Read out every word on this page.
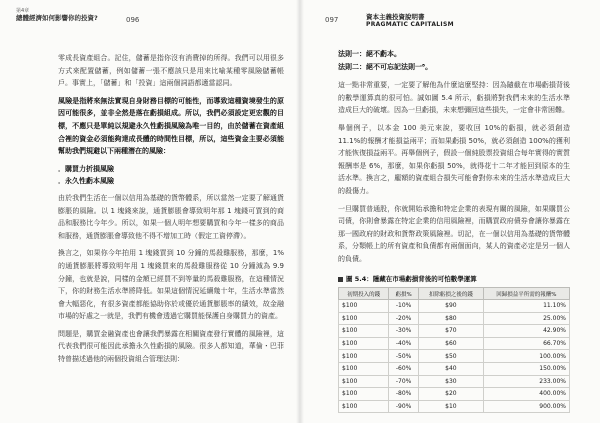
第4章
總體經濟如何影響你的投資?	096

零成長資產組合。記住，儲蓄是指你沒有消費掉的所得。我們可以用很多方式來配置儲蓄，例如儲蓄一張不應該只是用來比喻某種零風險儲蓄帳戶。事實上，「儲蓄」和「投資」這兩個詞語都適當認同。

風險是指將來無法實現自身財務目標的可能性，而導致這種資境發生的原因可能很多，並非全然是落在虧損組成。所以，我們必須設定更宏觀的目標，不應只是單純以規避永久性虧損風險為唯一目的，由於儲蓄在資產組合裡的資金必須能夠達成長體的時間性目標，所以，這些資金主要必須能幫助我們規避以下兩種潛在的風險：

．購買力折損風險
．永久性虧本風險

由於我們生活在一個以信用為基礎的貨幣體系，所以當然一定要了解通貨膨脹的風險。以 1 塊錢來說，通貨膨脹會導致明年那 1 塊錢可買到的商品和服務比今年少。所以，如果一個人明年想要購買和今年一樣多的商品和服務，通貨膨脹會導致他不得不增加工時（假定工資停滯）。

換言之，如果你今年拍用 1 塊錢買到 10 分鐘的馬殺雞服務，那麼，1%的通貨膨脹將導致明年用 1 塊錢買來的馬殺雞服務從 10 分鐘減為 9.9 分鐘，也就是說，同樣的金額已經買不到等量的馬殺雞服務，在這種情況下，你的財務生活水準將降低。如果這個情況延續幾十年，生活水準當然會大幅惡化，有很多資產都能協助你於或優於通貨膨脹率的績效，故金融市場的好處之一就是，我們有機會透過它購買能保護自身購買力的資產。

問題是，購買金融資產也會讓我們暴露在相關資產發行實體的風險裡，這代表我們很可能因此承擔永久性虧損的風險。很多人都知道，華倫・巴菲特曾描述過他的兩個投資組合管理法則：

097	資本主義投資說明書
PRAGMATIC CAPITALISM

法則一：絕不虧本。

法則二：絕不可忘記法則一⁸。

這一點非常重要，一定要了解他為什麼這麼堅持：因為隨截在市場虧損背後的數學運算真的很可怕。誠如圖 5.4 所示，虧損將對我們未來的生活水準造成巨大的破壞。因為一旦虧損，未來想彌回這些損失，一定會非常困難。

舉個例子，以本金 100 美元來說，要收回 10%的虧損，就必須創造 11.1%的報酬才能損益兩平；而如果虧損 50%，就必須創造 100%的獲利才能恢復損益兩平。再舉個例子，假設一個純股票投資組合每年實得的實質報酬率是 6%，那麼，如果你虧損 50%，就得花十二年才能回到原本的生活水準。換言之，龐額的資產組合損失可能會對你未來的生活水準造成巨大的殺傷力。

一旦購買普通股，你就開始承擔和特定企業的表現有關的風險，如果購買公司債，你則會暴露在特定企業的信用風險裡，而購買政府債券會讓你暴露在那一國政府的財政和貨幣政策風險裡。切記，在一個以信用為基礎的貨幣體系，分類帳上的所有資產和負債都有兩個面向，某人的資產必定是另一個人的負債。

圖 5.4：隱藏在市場虧損背後的可怕數學運算
初期投入的錢	虧損%	扣除虧損之後的錢	回歸損益平所需的報酬%
$100	-10%	$90	11.10%
$100	-20%	$80	25.00%
$100	-30%	$70	42.90%
$100	-40%	$60	66.70%
$100	-50%	$50	100.00%
$100	-60%	$40	150.00%
$100	-70%	$30	233.00%
$100	-80%	$20	400.00%
$100	-90%	$10	900.00%
